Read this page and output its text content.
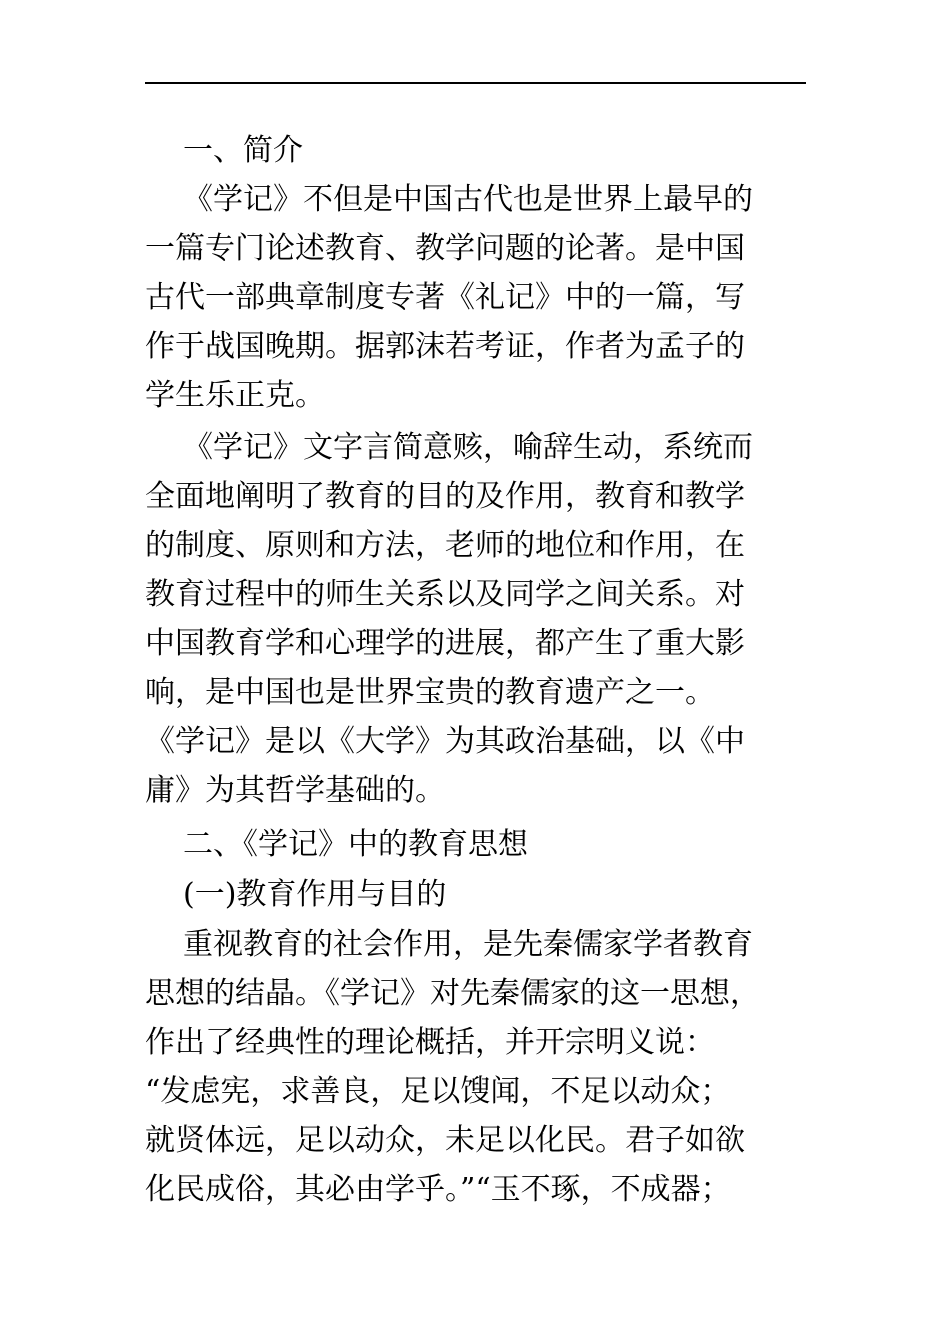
一、简介
《学记》不但是中国古代也是世界上最早的
一篇专门论述教育、教学问题的论著。是中国
古代一部典章制度专著《礼记》中的一篇，写
作于战国晚期。据郭沫若考证，作者为孟子的
学生乐正克。
《学记》文字言简意赅，喻辞生动，系统而
全面地阐明了教育的目的及作用，教育和教学
的制度、原则和方法，老师的地位和作用，在
教育过程中的师生关系以及同学之间关系。对
中国教育学和心理学的进展，都产生了重大影
响，是中国也是世界宝贵的教育遗产之一。
《学记》是以《大学》为其政治基础，以《中
庸》为其哲学基础的。
二、《学记》中的教育思想
(一)教育作用与目的
重视教育的社会作用，是先秦儒家学者教育
思想的结晶。《学记》对先秦儒家的这一思想，
作出了经典性的理论概括，并开宗明义说：
“发虑宪，求善良，足以馊闻，不足以动众；
就贤体远，足以动众，未足以化民。君子如欲
化民成俗，其必由学乎。”“玉不琢，不成器；
